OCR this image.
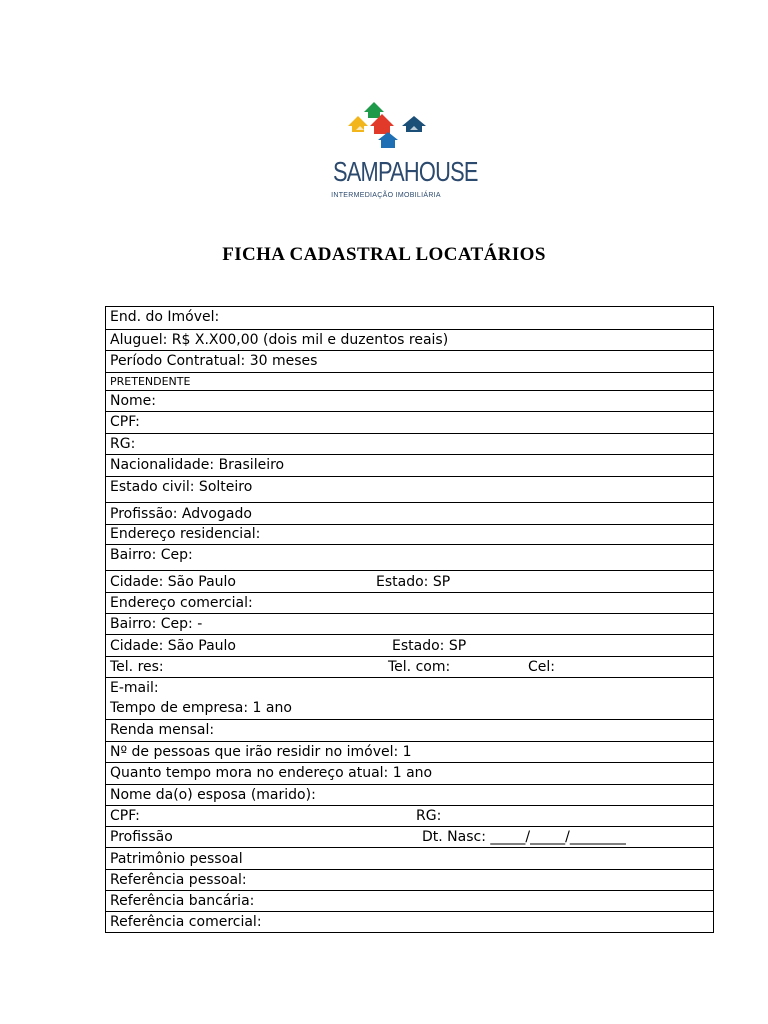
SAMPAHOUSE
INTERMEDIAÇÃO IMOBILIÁRIA
FICHA CADASTRAL LOCATÁRIOS
End. do Imóvel:
Aluguel: R$ X.X00,00 (dois mil e duzentos reais)
Período Contratual: 30 meses
PRETENDENTE
Nome:
CPF:
RG:
Nacionalidade: Brasileiro
Estado civil: Solteiro
Profissão: Advogado
Endereço residencial:
Bairro: Cep:
Cidade: São Paulo	Estado: SP
Endereço comercial:
Bairro: Cep: -
Cidade: São Paulo	Estado: SP
Tel. res:	Tel. com:	Cel:
E-mail:
Tempo de empresa: 1 ano
Renda mensal:
Nº de pessoas que irão residir no imóvel: 1
Quanto tempo mora no endereço atual: 1 ano
Nome da(o) esposa (marido):
CPF:	RG:
Profissão	Dt. Nasc: _____/_____/________
Patrimônio pessoal
Referência pessoal:
Referência bancária:
Referência comercial:
